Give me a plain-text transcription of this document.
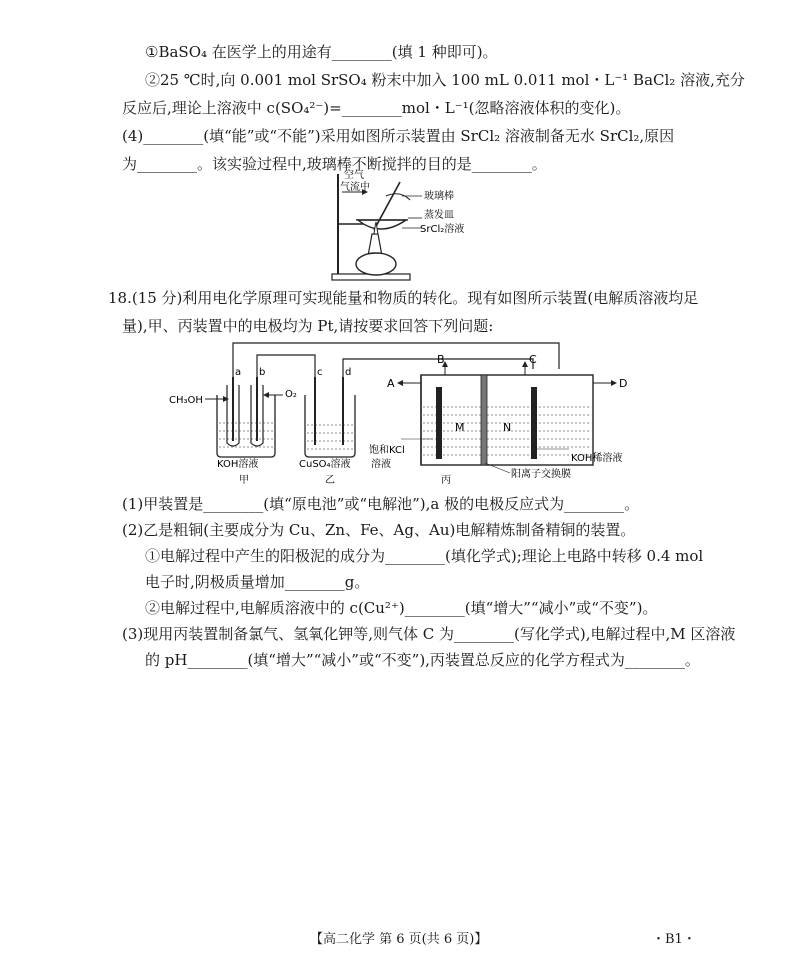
①BaSO₄ 在医学上的用途有________(填 1 种即可)。
②25 ℃时,向 0.001 mol SrSO₄ 粉末中加入 100 mL 0.011 mol・L⁻¹ BaCl₂ 溶液,充分
反应后,理论上溶液中 c(SO₄²⁻)=________mol・L⁻¹(忽略溶液体积的变化)。
(4)________(填“能”或“不能”)采用如图所示装置由 SrCl₂ 溶液制备无水 SrCl₂,原因
为________。该实验过程中,玻璃棒不断搅拌的目的是________。
空气
气流中
玻璃棒
蒸发皿
SrCl₂溶液
18.(15 分)利用电化学原理可实现能量和物质的转化。现有如图所示装置(电解质溶液均足
量),甲、丙装置中的电极均为 Pt,请按要求回答下列问题:
CH₃OH
O₂
a b	c d
B	C
A	D
M	N
KOH溶液	CuSO₄溶液
饱和KCl
溶液
KOH稀溶液
阳离子交换膜
甲	乙	丙
(1)甲装置是________(填“原电池”或“电解池”),a 极的电极反应式为________。
(2)乙是粗铜(主要成分为 Cu、Zn、Fe、Ag、Au)电解精炼制备精铜的装置。
①电解过程中产生的阳极泥的成分为________(填化学式);理论上电路中转移 0.4 mol
电子时,阴极质量增加________g。
②电解过程中,电解质溶液中的 c(Cu²⁺)________(填“增大”“减小”或“不变”)。
(3)现用丙装置制备氯气、氢氧化钾等,则气体 C 为________(写化学式),电解过程中,M 区溶液
的 pH________(填“增大”“减小”或“不变”),丙装置总反应的化学方程式为________。
【高二化学 第 6 页(共 6 页)】	・B1・
